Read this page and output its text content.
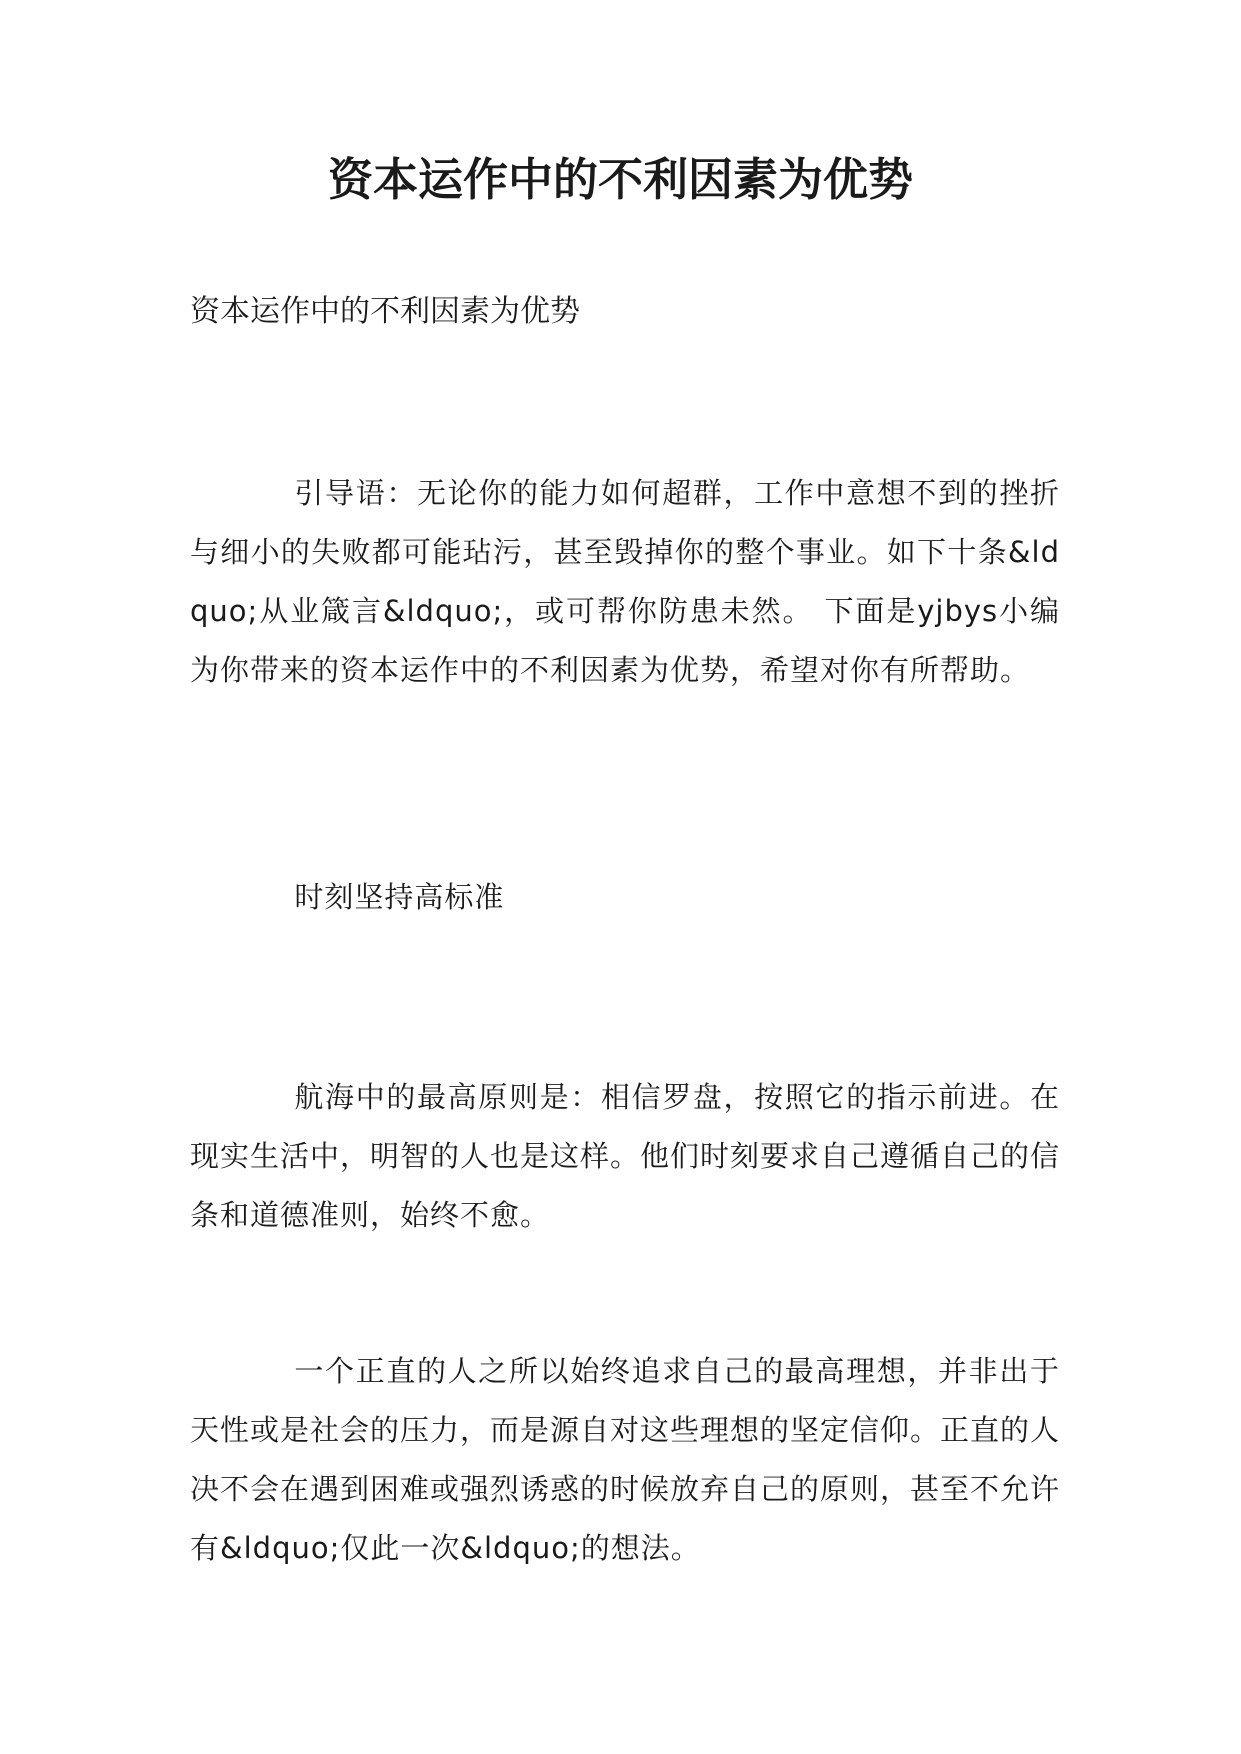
资本运作中的不利因素为优势

资本运作中的不利因素为优势

引导语：无论你的能力如何超群，工作中意想不到的挫折与细小的失败都可能玷污，甚至毁掉你的整个事业。如下十条&ldquo;从业箴言&ldquo;，或可帮你防患未然。 下面是yjbys小编为你带来的资本运作中的不利因素为优势，希望对你有所帮助。

时刻坚持高标准

航海中的最高原则是：相信罗盘，按照它的指示前进。在现实生活中，明智的人也是这样。他们时刻要求自己遵循自己的信条和道德准则，始终不愈。

一个正直的人之所以始终追求自己的最高理想，并非出于天性或是社会的压力，而是源自对这些理想的坚定信仰。正直的人决不会在遇到困难或强烈诱惑的时候放弃自己的原则，甚至不允许有&ldquo;仅此一次&ldquo;的想法。
